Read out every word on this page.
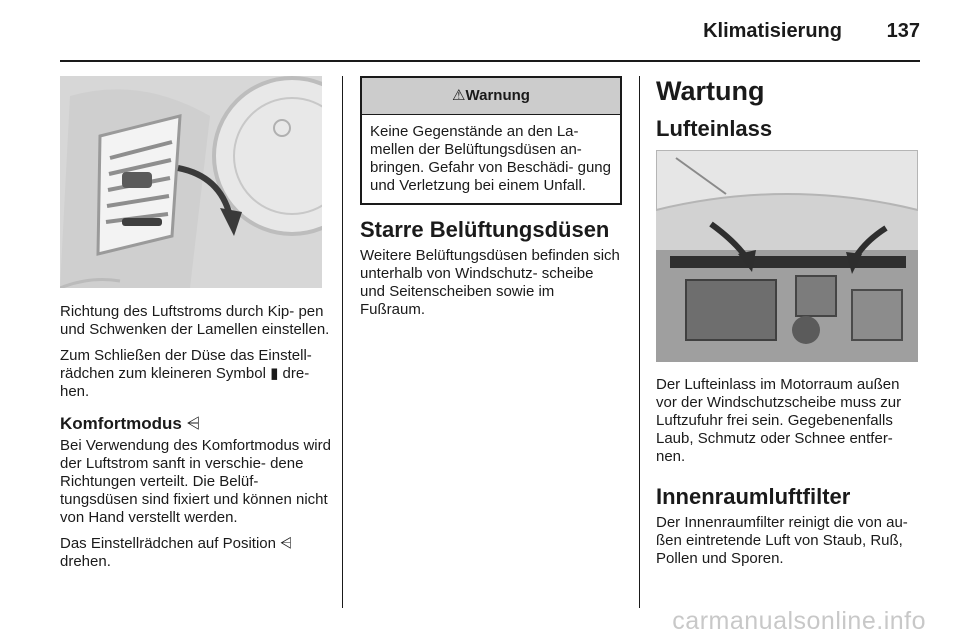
Klimatisierung 137

Richtung des Luftstroms durch Kip- pen und Schwenken der Lamellen einstellen.

Zum Schließen der Düse das Einstell- rädchen zum kleineren Symbol ▮ dre- hen.

Komfortmodus ⩤

Bei Verwendung des Komfortmodus wird der Luftstrom sanft in verschie- dene Richtungen verteilt. Die Belüf- tungsdüsen sind fixiert und können nicht von Hand verstellt werden.

Das Einstellrädchen auf Position ⩤ drehen.

⚠Warnung
Keine Gegenstände an den La- mellen der Belüftungsdüsen an- bringen. Gefahr von Beschädi- gung und Verletzung bei einem Unfall.
Starre Belüftungsdüsen

Weitere Belüftungsdüsen befinden sich unterhalb von Windschutz- scheibe und Seitenscheiben sowie im Fußraum.

Wartung
Lufteinlass

Der Lufteinlass im Motorraum außen vor der Windschutzscheibe muss zur Luftzufuhr frei sein. Gegebenenfalls Laub, Schmutz oder Schnee entfer- nen.

Innenraumluftfilter

Der Innenraumfilter reinigt die von au- ßen eintretende Luft von Staub, Ruß, Pollen und Sporen.

carmanualsonline.info
